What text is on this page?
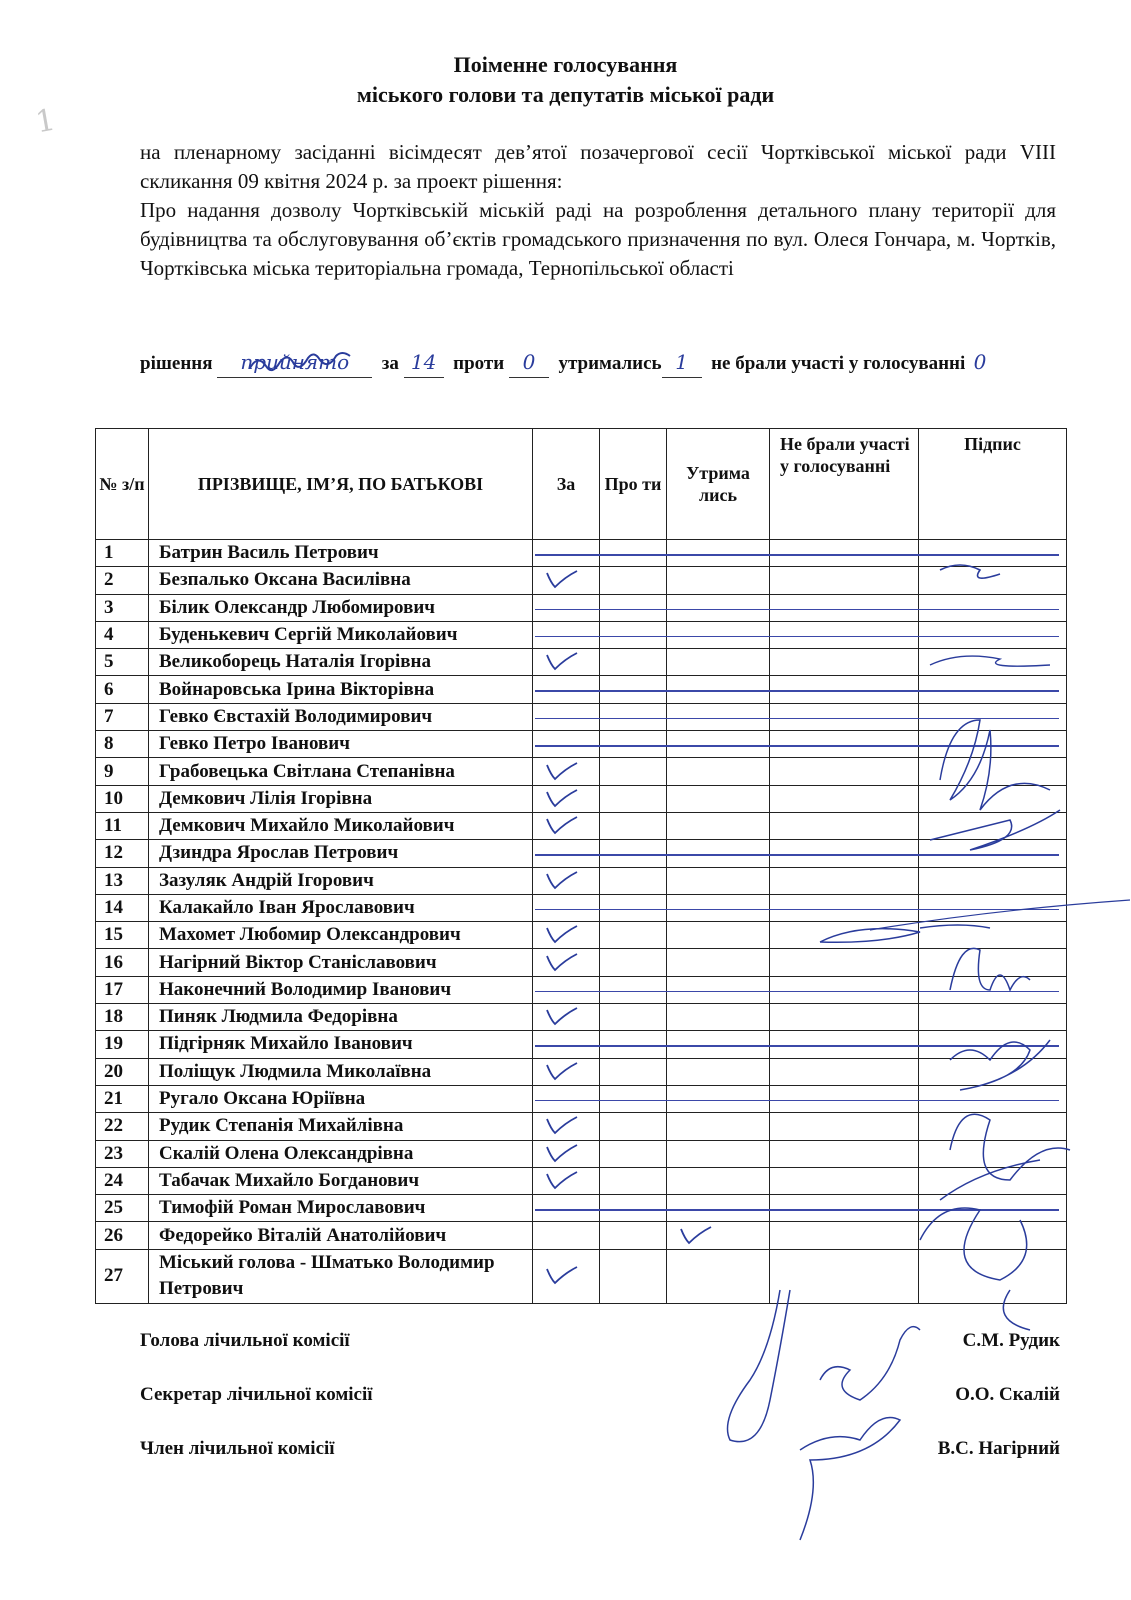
1
Поіменне голосування
міського голови та депутатів міської ради

на пленарному засіданні вісімдесят дев’ятої позачергової сесії Чортківської міської ради VIII скликання 09 квітня 2024 р. за проект рішення:

Про надання дозволу Чортківській міській раді на розроблення детального плану території для будівництва та обслуговування об’єктів громадського призначення по вул. Олеся Гончара, м. Чортків, Чортківська міська територіальна громада, Тернопільської області

рішення прийнято за 14 проти 0 утримались 1 не брали участі у голосуванні 0
№ з/п	ПРІЗВИЩЕ, ІМ’Я, ПО БАТЬКОВІ	За	Про ти	Утрима лись	Не брали участі у голосуванні	Підпис
1	Батрин Василь Петрович	

2	Безпалько Оксана Василівна	

3	Білик Олександр Любомирович	

4	Буденькевич Сергій Миколайович	

5	Великоборець Наталія Ігорівна	

6	Войнаровська Ірина Вікторівна	

7	Гевко Євстахій Володимирович	

8	Гевко Петро Іванович	

9	Грабовецька Світлана Степанівна	

10	Демкович Лілія Ігорівна	

11	Демкович Михайло Миколайович	

12	Дзиндра Ярослав Петрович	

13	Зазуляк Андрій Ігорович	

14	Калакайло Іван Ярославович	

15	Махомет Любомир Олександрович	

16	Нагірний Віктор Станіславович	

17	Наконечний Володимир Іванович	

18	Пиняк Людмила Федорівна	

19	Підгірняк Михайло Іванович	

20	Поліщук Людмила Миколаївна	

21	Ругало Оксана Юріївна	

22	Рудик Степанія Михайлівна	

23	Скалій Олена Олександрівна	

24	Табачак Михайло Богданович	

25	Тимофій Роман Мирославович	

26	Федорейко Віталій Анатолійович			

27	Міський голова - Шматько Володимир Петрович	

Голова лічильної комісії	С.М. Рудик
Секретар лічильної комісії	О.О. Скалій
Член лічильної комісії	В.С. Нагірний
